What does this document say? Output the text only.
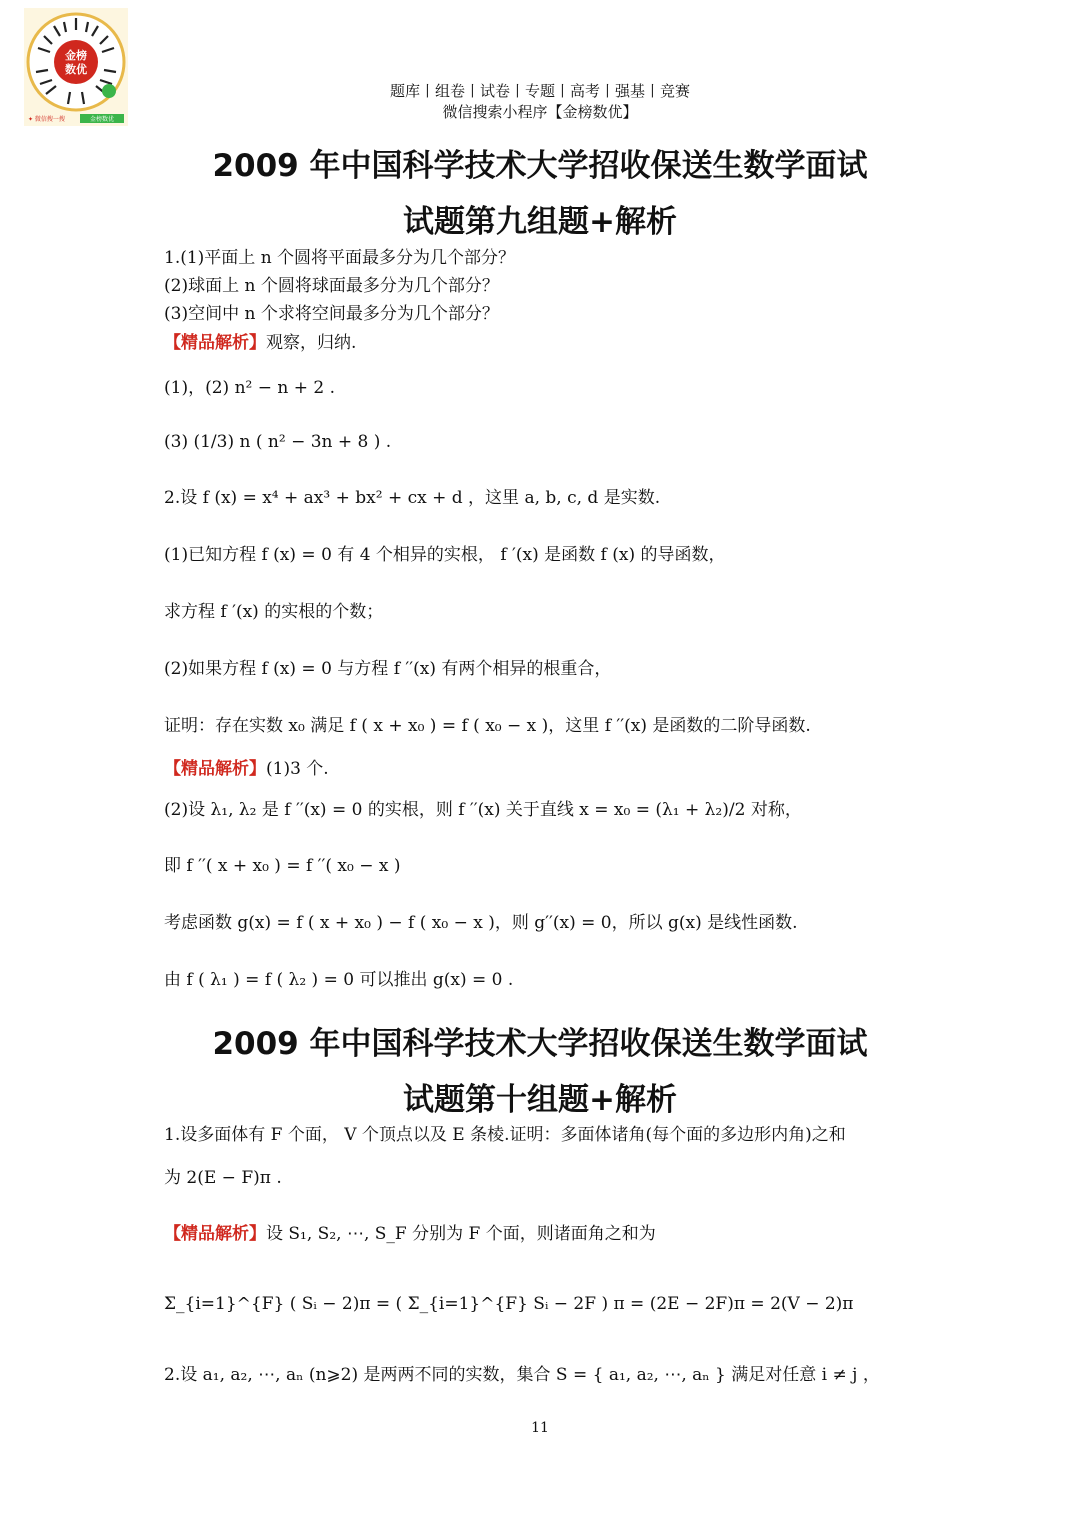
金榜
数优
✦ 微信搜一搜	金榜数优
题库丨组卷丨试卷丨专题丨高考丨强基丨竞赛
微信搜索小程序【金榜数优】
2009 年中国科学技术大学招收保送生数学面试
试题第九组题+解析
1.(1)平面上 n 个圆将平面最多分为几个部分？
(2)球面上 n 个圆将球面最多分为几个部分？
(3)空间中 n 个求将空间最多分为几个部分？
【精品解析】观察，归纳.
(1)，(2) n² − n + 2 .
(3) (1/3) n ( n² − 3n + 8 ) .
2.设 f (x) = x⁴ + ax³ + bx² + cx + d ，这里 a, b, c, d 是实数.
(1)已知方程 f (x) = 0 有 4 个相异的实根， f ′(x) 是函数 f (x) 的导函数，
求方程 f ′(x) 的实根的个数；
(2)如果方程 f (x) = 0 与方程 f ′′(x) 有两个相异的根重合，
证明：存在实数 x₀ 满足 f ( x + x₀ ) = f ( x₀ − x )，这里 f ′′(x) 是函数的二阶导函数.
【精品解析】(1)3 个.
(2)设 λ₁, λ₂ 是 f ′′(x) = 0 的实根，则 f ′′(x) 关于直线 x = x₀ = (λ₁ + λ₂)/2 对称，
即 f ′′( x + x₀ ) = f ′′( x₀ − x )
考虑函数 g(x) = f ( x + x₀ ) − f ( x₀ − x )，则 g′′(x) = 0，所以 g(x) 是线性函数.
由 f ( λ₁ ) = f ( λ₂ ) = 0 可以推出 g(x) = 0 .
2009 年中国科学技术大学招收保送生数学面试
试题第十组题+解析
1.设多面体有 F 个面， V 个顶点以及 E 条棱.证明：多面体诸角(每个面的多边形内角)之和
为 2(E − F)π .
【精品解析】设 S₁, S₂, ⋯, S_F 分别为 F 个面，则诸面角之和为
Σ_{i=1}^{F} ( Sᵢ − 2)π = ( Σ_{i=1}^{F} Sᵢ − 2F ) π = (2E − 2F)π = 2(V − 2)π
2.设 a₁, a₂, ⋯, aₙ (n⩾2) 是两两不同的实数，集合 S = { a₁, a₂, ⋯, aₙ } 满足对任意 i ≠ j ，
11
